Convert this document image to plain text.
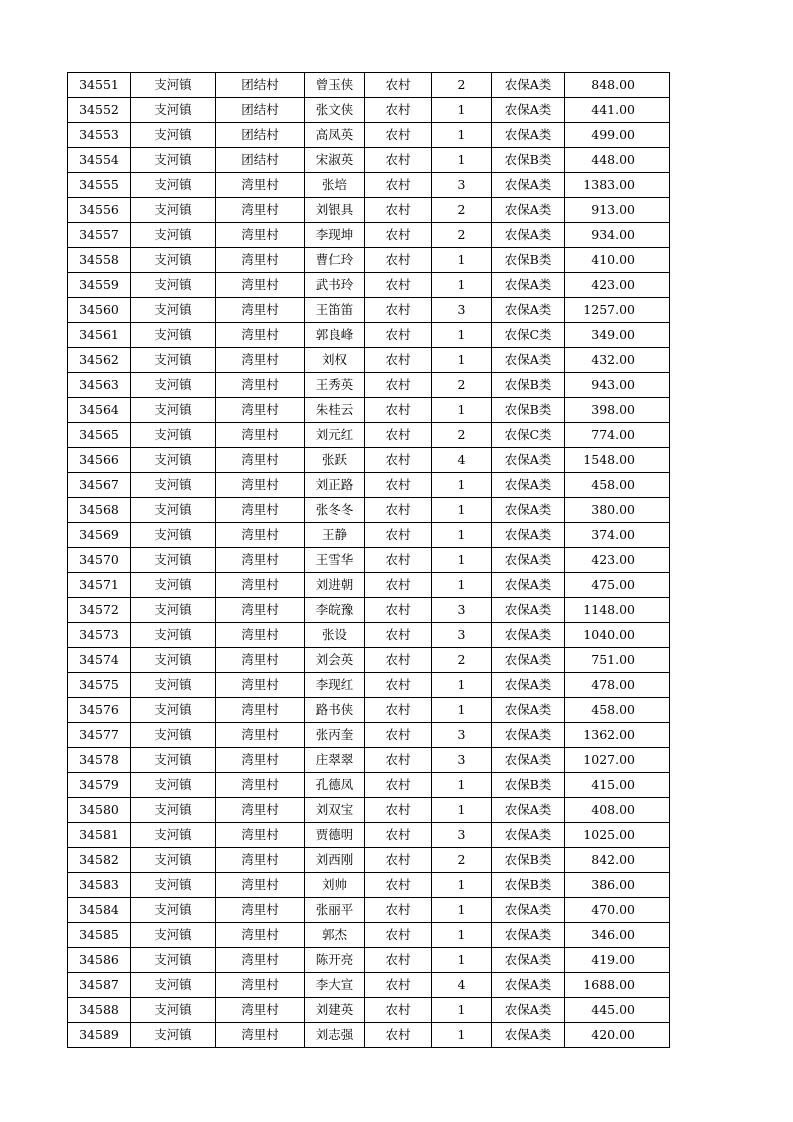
34551	支河镇	团结村	曾玉侠	农村	2	农保A类	848.00
34552	支河镇	团结村	张文侠	农村	1	农保A类	441.00
34553	支河镇	团结村	高凤英	农村	1	农保A类	499.00
34554	支河镇	团结村	宋淑英	农村	1	农保B类	448.00
34555	支河镇	湾里村	张培	农村	3	农保A类	1383.00
34556	支河镇	湾里村	刘银具	农村	2	农保A类	913.00
34557	支河镇	湾里村	李现坤	农村	2	农保A类	934.00
34558	支河镇	湾里村	曹仁玲	农村	1	农保B类	410.00
34559	支河镇	湾里村	武书玲	农村	1	农保A类	423.00
34560	支河镇	湾里村	王笛笛	农村	3	农保A类	1257.00
34561	支河镇	湾里村	郭良峰	农村	1	农保C类	349.00
34562	支河镇	湾里村	刘权	农村	1	农保A类	432.00
34563	支河镇	湾里村	王秀英	农村	2	农保B类	943.00
34564	支河镇	湾里村	朱桂云	农村	1	农保B类	398.00
34565	支河镇	湾里村	刘元红	农村	2	农保C类	774.00
34566	支河镇	湾里村	张跃	农村	4	农保A类	1548.00
34567	支河镇	湾里村	刘正路	农村	1	农保A类	458.00
34568	支河镇	湾里村	张冬冬	农村	1	农保A类	380.00
34569	支河镇	湾里村	王静	农村	1	农保A类	374.00
34570	支河镇	湾里村	王雪华	农村	1	农保A类	423.00
34571	支河镇	湾里村	刘进朝	农村	1	农保A类	475.00
34572	支河镇	湾里村	李皖豫	农村	3	农保A类	1148.00
34573	支河镇	湾里村	张设	农村	3	农保A类	1040.00
34574	支河镇	湾里村	刘会英	农村	2	农保A类	751.00
34575	支河镇	湾里村	李现红	农村	1	农保A类	478.00
34576	支河镇	湾里村	路书侠	农村	1	农保A类	458.00
34577	支河镇	湾里村	张丙奎	农村	3	农保A类	1362.00
34578	支河镇	湾里村	庄翠翠	农村	3	农保A类	1027.00
34579	支河镇	湾里村	孔德凤	农村	1	农保B类	415.00
34580	支河镇	湾里村	刘双宝	农村	1	农保A类	408.00
34581	支河镇	湾里村	贾德明	农村	3	农保A类	1025.00
34582	支河镇	湾里村	刘西刚	农村	2	农保B类	842.00
34583	支河镇	湾里村	刘帅	农村	1	农保B类	386.00
34584	支河镇	湾里村	张丽平	农村	1	农保A类	470.00
34585	支河镇	湾里村	郭杰	农村	1	农保A类	346.00
34586	支河镇	湾里村	陈开亮	农村	1	农保A类	419.00
34587	支河镇	湾里村	李大宣	农村	4	农保A类	1688.00
34588	支河镇	湾里村	刘建英	农村	1	农保A类	445.00
34589	支河镇	湾里村	刘志强	农村	1	农保A类	420.00
